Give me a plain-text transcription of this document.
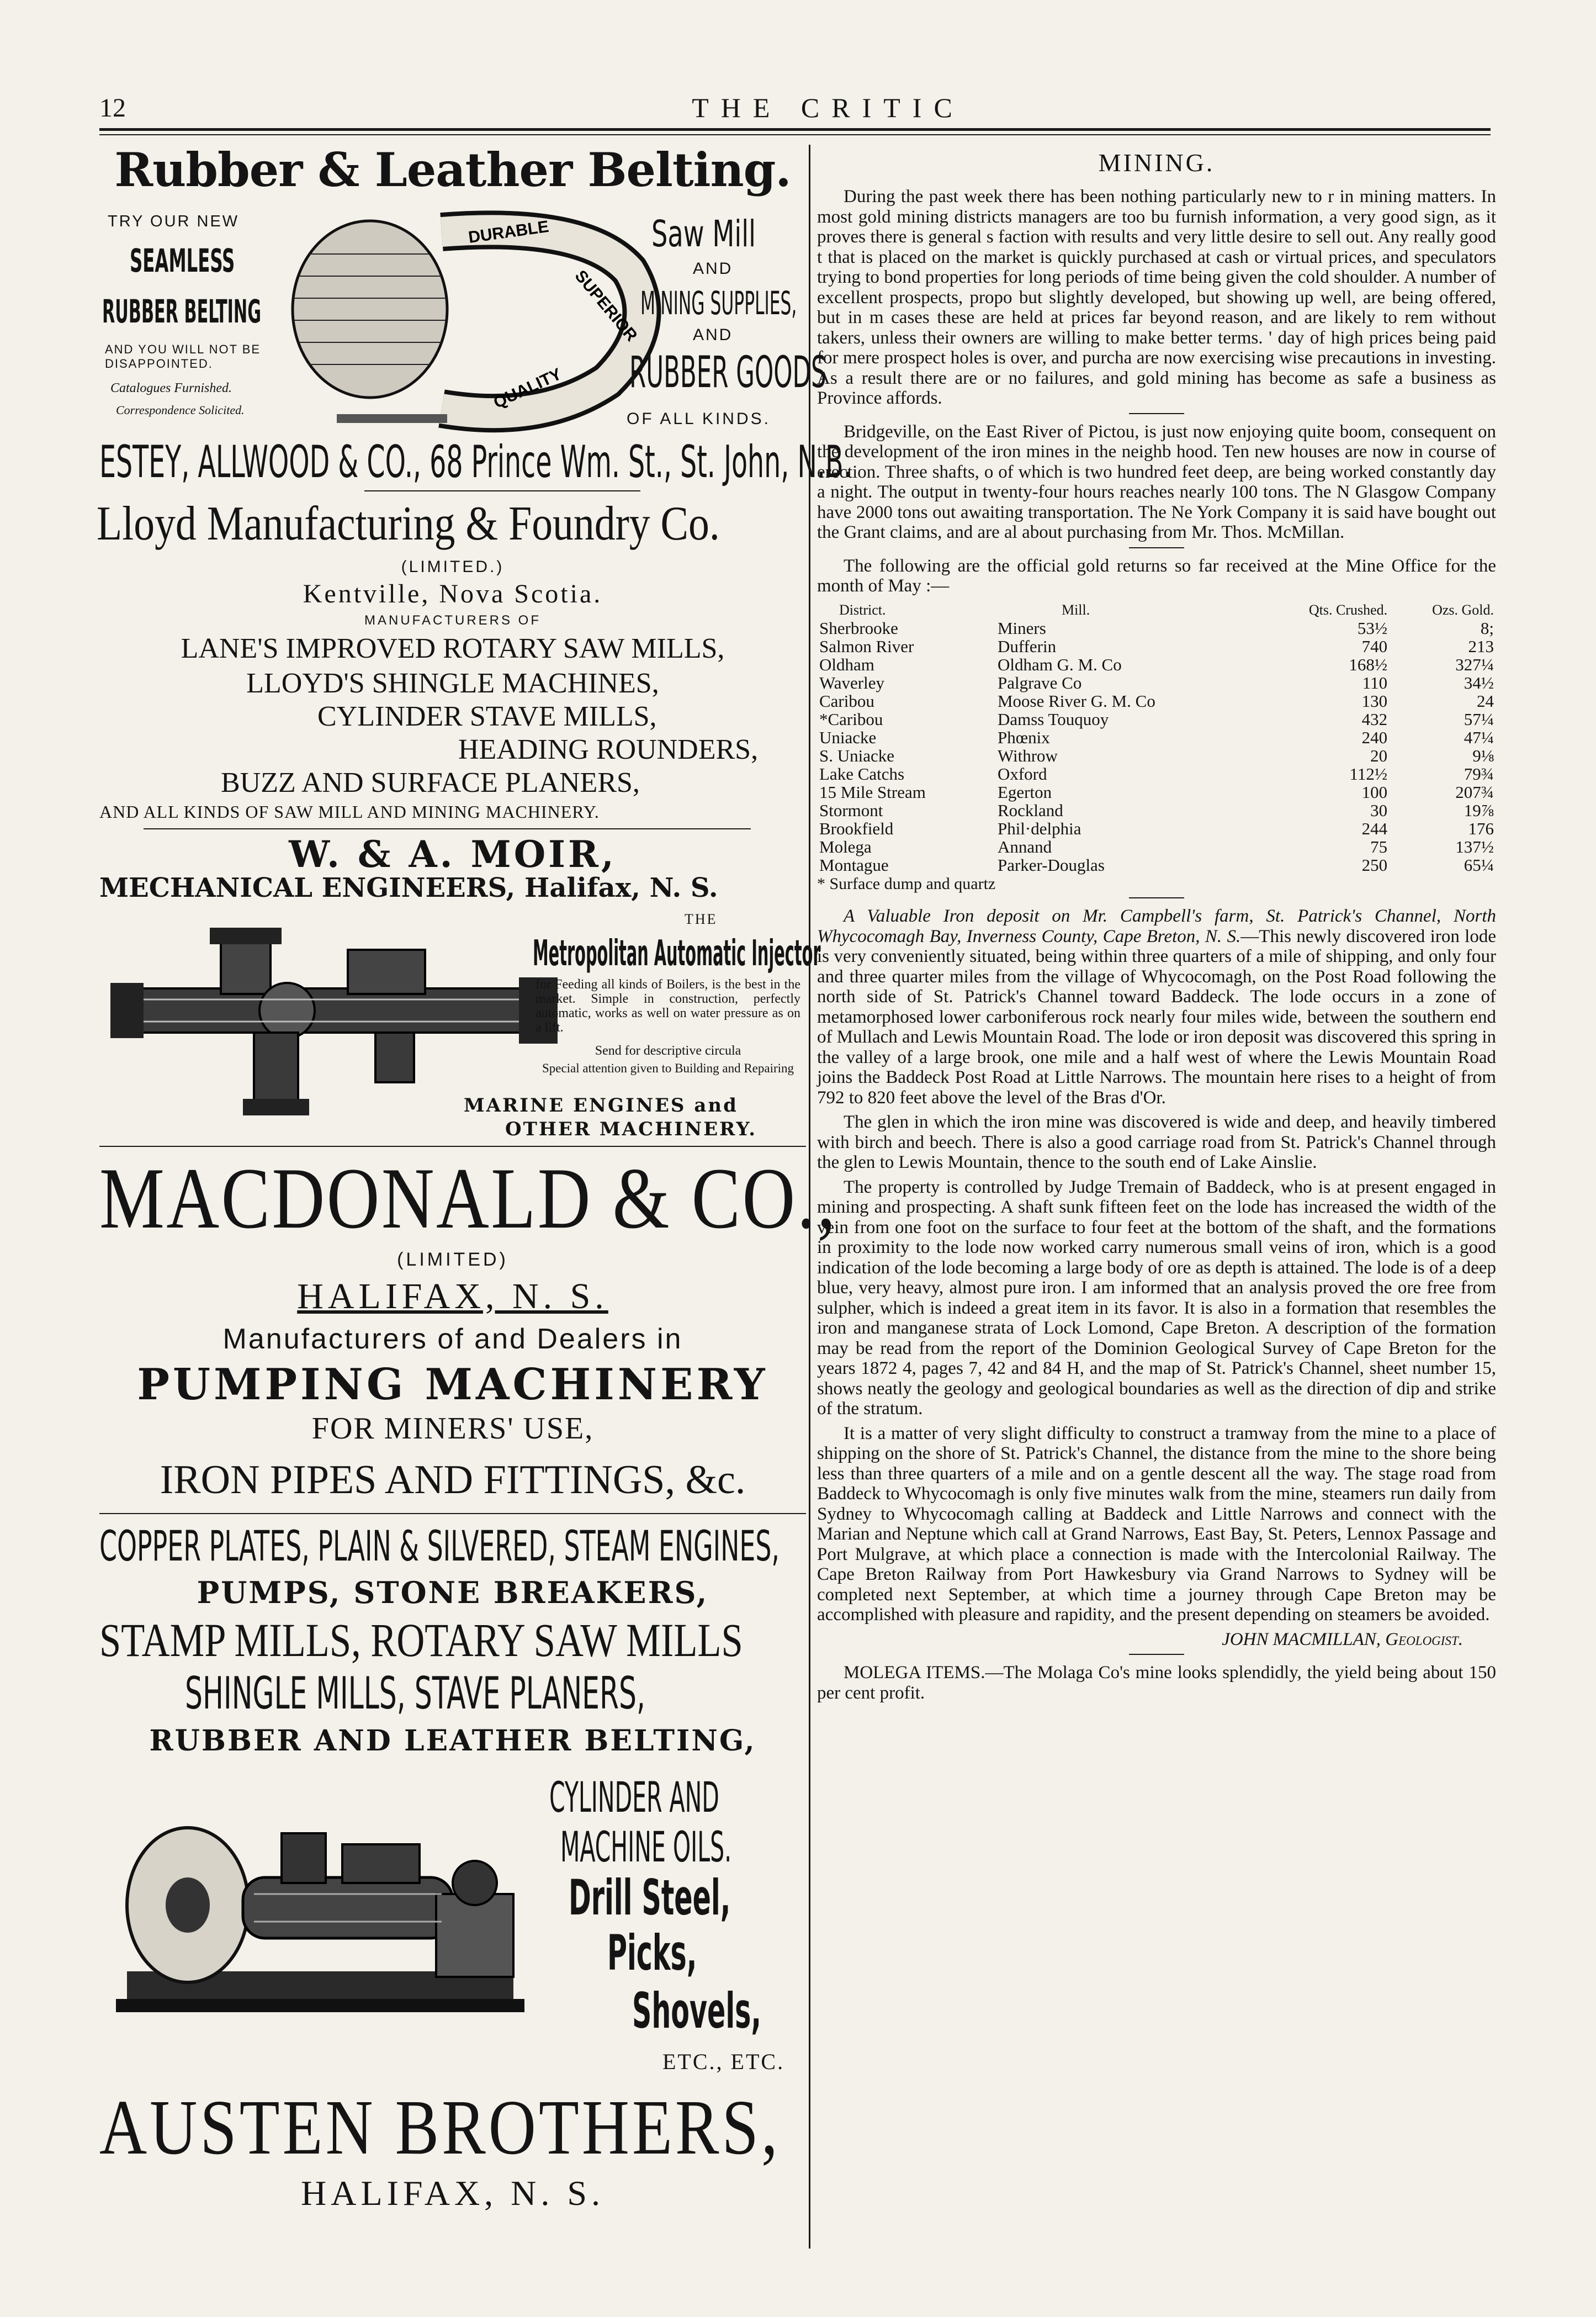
12	THE CRITIC
Rubber & Leather Belting.
TRY OUR NEW
SEAMLESS
RUBBER BELTING
AND YOU WILL NOT BE DISAPPOINTED.
Catalogues Furnished.
Correspondence Solicited.
DURABLE
SUPERIOR
QUALITY
Saw Mill
AND
MINING SUPPLIES,
AND
RUBBER GOODS
OF ALL KINDS.
ESTEY, ALLWOOD & CO., 68 Prince Wm. St., St. John, N.B.
Lloyd Manufacturing & Foundry Co.
(LIMITED.)
Kentville, Nova Scotia.
MANUFACTURERS OF
LANE'S IMPROVED ROTARY SAW MILLS,
LLOYD'S SHINGLE MACHINES,
CYLINDER STAVE MILLS,
HEADING ROUNDERS,
BUZZ AND SURFACE PLANERS,
AND ALL KINDS OF SAW MILL AND MINING MACHINERY.
W. & A. MOIR,
MECHANICAL ENGINEERS, Halifax, N. S.
THE
Metropolitan Automatic Injector
for Feeding all kinds of Boilers, is the best in the market. Simple in construction, perfectly automatic, works as well on water pressure as on a lift.
Send for descriptive circula
Special attention given to Building and Repairing
MARINE ENGINES and
OTHER MACHINERY.
MACDONALD & CO.,
(LIMITED)
HALIFAX, N. S.
Manufacturers of and Dealers in
PUMPING MACHINERY
FOR MINERS' USE,
IRON PIPES AND FITTINGS, &c.
COPPER PLATES, PLAIN & SILVERED, STEAM ENGINES,
PUMPS, STONE BREAKERS,
STAMP MILLS, ROTARY SAW MILLS
SHINGLE MILLS, STAVE PLANERS,
RUBBER AND LEATHER BELTING,
CYLINDER AND
MACHINE OILS.
Drill Steel,
Picks,
Shovels,
ETC., ETC.
AUSTEN BROTHERS,
HALIFAX, N. S.
MINING.

During the past week there has been nothing particularly new to r in mining matters. In most gold mining districts managers are too bu furnish information, a very good sign, as it proves there is general s faction with results and very little desire to sell out. Any really good t that is placed on the market is quickly purchased at cash or virtual prices, and speculators trying to bond properties for long periods of time being given the cold shoulder. A number of excellent prospects, propo but slightly developed, but showing up well, are being offered, but in m cases these are held at prices far beyond reason, and are likely to rem without takers, unless their owners are willing to make better terms. ' day of high prices being paid for mere prospect holes is over, and purcha are now exercising wise precautions in investing. As a result there are or no failures, and gold mining has become as safe a business as Province affords.

Bridgeville, on the East River of Pictou, is just now enjoying quite boom, consequent on the development of the iron mines in the neighb hood. Ten new houses are now in course of erection. Three shafts, o of which is two hundred feet deep, are being worked constantly day a night. The output in twenty-four hours reaches nearly 100 tons. The N Glasgow Company have 2000 tons out awaiting transportation. The Ne York Company it is said have bought out the Grant claims, and are al about purchasing from Mr. Thos. McMillan.

The following are the official gold returns so far received at the Mine Office for the month of May :—

District.	Mill.	Qts. Crushed.	Ozs. Gold.
Sherbrooke	Miners	53½	8;
Salmon River	Dufferin	740	213
Oldham	Oldham G. M. Co	168½	327¼
Waverley	Palgrave Co	110	34½
Caribou	Moose River G. M. Co	130	24
*Caribou	Damss Touquoy	432	57¼
Uniacke	Phœnix	240	47¼
S. Uniacke	Withrow	20	9⅛
Lake Catchs	Oxford	112½	79¾
15 Mile Stream	Egerton	100	207¾
Stormont	Rockland	30	19⅞
Brookfield	Phil·delphia	244	176
Molega	Annand	75	137½
Montague	Parker-Douglas	250	65¼
* Surface dump and quartz

A Valuable Iron deposit on Mr. Campbell's farm, St. Patrick's Channel, North Whycocomagh Bay, Inverness County, Cape Breton, N. S.—This newly discovered iron lode is very conveniently situated, being within three quarters of a mile of shipping, and only four and three quarter miles from the village of Whycocomagh, on the Post Road following the north side of St. Patrick's Channel toward Baddeck. The lode occurs in a zone of metamorphosed lower carboniferous rock nearly four miles wide, between the southern end of Mullach and Lewis Mountain Road. The lode or iron deposit was discovered this spring in the valley of a large brook, one mile and a half west of where the Lewis Mountain Road joins the Baddeck Post Road at Little Narrows. The mountain here rises to a height of from 792 to 820 feet above the level of the Bras d'Or.

The glen in which the iron mine was discovered is wide and deep, and heavily timbered with birch and beech. There is also a good carriage road from St. Patrick's Channel through the glen to Lewis Mountain, thence to the south end of Lake Ainslie.

The property is controlled by Judge Tremain of Baddeck, who is at present engaged in mining and prospecting. A shaft sunk fifteen feet on the lode has increased the width of the vein from one foot on the surface to four feet at the bottom of the shaft, and the formations in proximity to the lode now worked carry numerous small veins of iron, which is a good indication of the lode becoming a large body of ore as depth is attained. The lode is of a deep blue, very heavy, almost pure iron. I am informed that an analysis proved the ore free from sulpher, which is indeed a great item in its favor. It is also in a formation that resembles the iron and manganese strata of Lock Lomond, Cape Breton. A description of the formation may be read from the report of the Dominion Geological Survey of Cape Breton for the years 1872 4, pages 7, 42 and 84 H, and the map of St. Patrick's Channel, sheet number 15, shows neatly the geology and geological boundaries as well as the direction of dip and strike of the stratum.

It is a matter of very slight difficulty to construct a tramway from the mine to a place of shipping on the shore of St. Patrick's Channel, the distance from the mine to the shore being less than three quarters of a mile and on a gentle descent all the way. The stage road from Baddeck to Whycocomagh is only five minutes walk from the mine, steamers run daily from Sydney to Whycocomagh calling at Baddeck and Little Narrows and connect with the Marian and Neptune which call at Grand Narrows, East Bay, St. Peters, Lennox Passage and Port Mulgrave, at which place a connection is made with the Intercolonial Railway. The Cape Breton Railway from Port Hawkesbury via Grand Narrows to Sydney will be completed next September, at which time a journey through Cape Breton may be accomplished with pleasure and rapidity, and the present depending on steamers be avoided.

JOHN MACMILLAN, Geologist.

MOLEGA ITEMS.—The Molaga Co's mine looks splendidly, the yield being about 150 per cent profit.
